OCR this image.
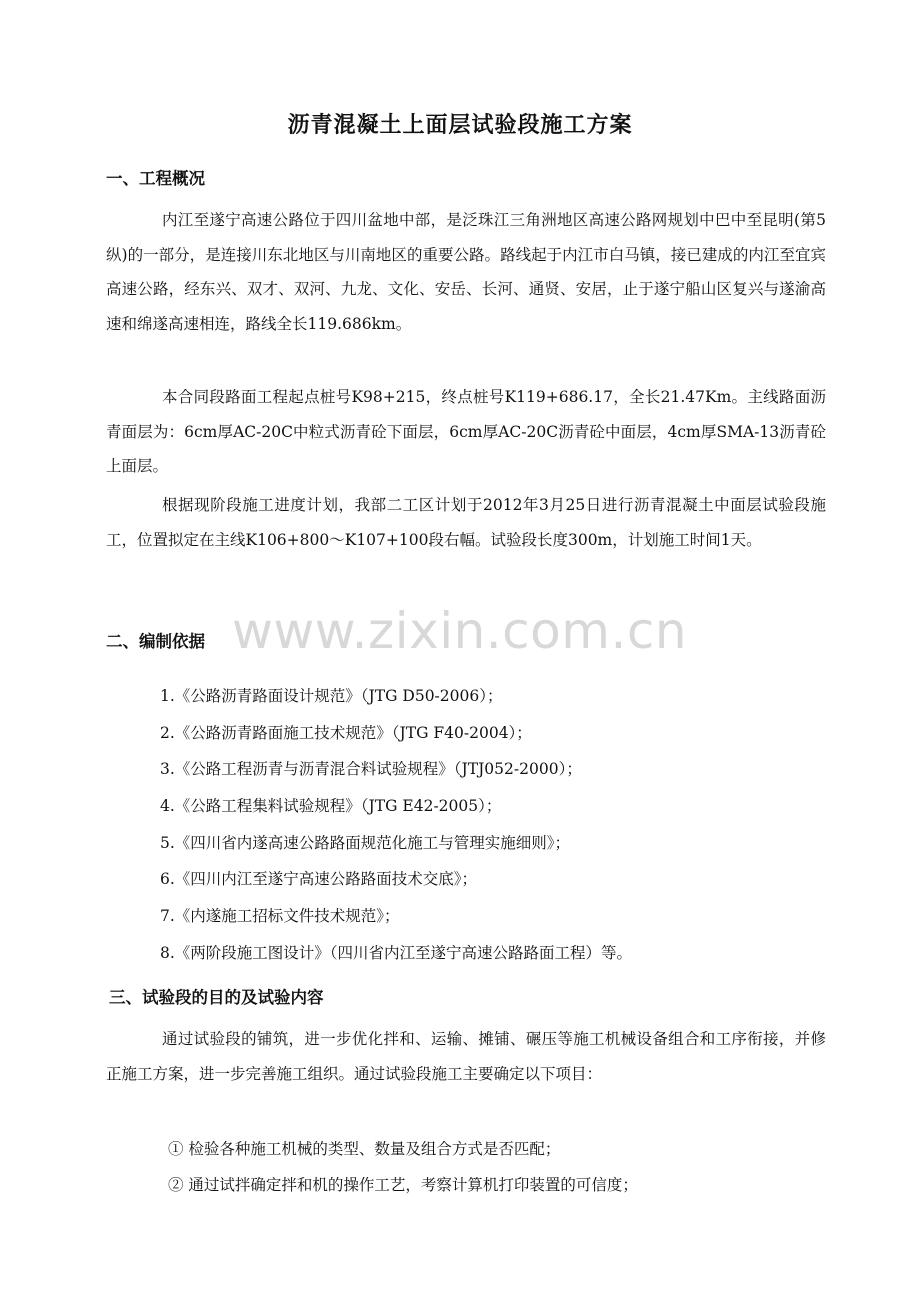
www.zixin.com.cn
沥青混凝土上面层试验段施工方案
一、工程概况

内江至遂宁高速公路位于四川盆地中部，是泛珠江三角洲地区高速公路网规划中巴中至昆明(第5纵)的一部分，是连接川东北地区与川南地区的重要公路。路线起于内江市白马镇，接已建成的内江至宜宾高速公路，经东兴、双才、双河、九龙、文化、安岳、长河、通贤、安居，止于遂宁船山区复兴与遂渝高速和绵遂高速相连，路线全长119.686km。

本合同段路面工程起点桩号K98+215，终点桩号K119+686.17，全长21.47Km。主线路面沥青面层为：6cm厚AC-20C中粒式沥青砼下面层，6cm厚AC-20C沥青砼中面层，4cm厚SMA-13沥青砼上面层。

根据现阶段施工进度计划，我部二工区计划于2012年3月25日进行沥青混凝土中面层试验段施工，位置拟定在主线K106+800～K107+100段右幅。试验段长度300m，计划施工时间1天。

二、编制依据
1.《公路沥青路面设计规范》（JTG D50-2006）；
2.《公路沥青路面施工技术规范》（JTG F40-2004）；
3.《公路工程沥青与沥青混合料试验规程》（JTJ052-2000）；
4.《公路工程集料试验规程》（JTG E42-2005）；
5.《四川省内遂高速公路路面规范化施工与管理实施细则》；
6.《四川内江至遂宁高速公路路面技术交底》；
7.《内遂施工招标文件技术规范》；
8.《两阶段施工图设计》（四川省内江至遂宁高速公路路面工程）等。
三、试验段的目的及试验内容

通过试验段的铺筑，进一步优化拌和、运输、摊铺、碾压等施工机械设备组合和工序衔接，并修正施工方案，进一步完善施工组织。通过试验段施工主要确定以下项目：

① 检验各种施工机械的类型、数量及组合方式是否匹配；
② 通过试拌确定拌和机的操作工艺，考察计算机打印装置的可信度；
